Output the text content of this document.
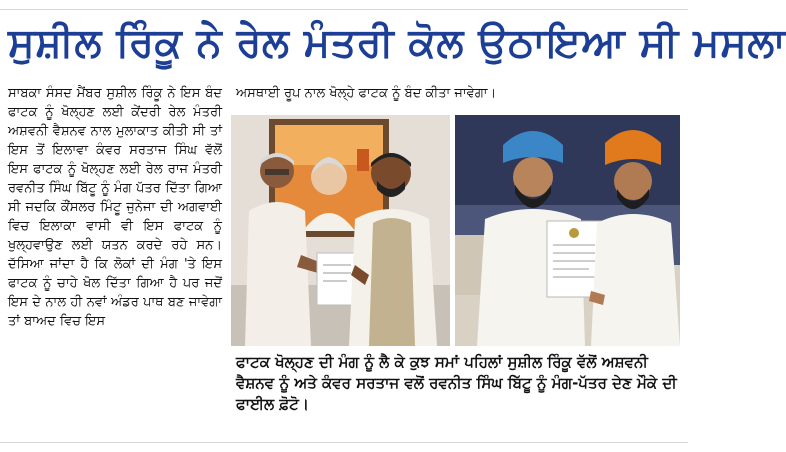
ਸੁਸ਼ੀਲ ਰਿੰਕੂ ਨੇ ਰੇਲ ਮੰਤਰੀ ਕੋਲ ਉਠਾਇਆ ਸੀ ਮਸਲਾ
ਸਾਬਕਾ ਸੰਸਦ ਮੈਂਬਰ ਸੁਸ਼ੀਲ ਰਿੰਕੂ ਨੇ ਇਸ ਬੰਦ ਫਾਟਕ ਨੂੰ ਖੋਲ੍ਹਣ ਲਈ ਕੇਂਦਰੀ ਰੇਲ ਮੰਤਰੀ ਅਸ਼ਵਨੀ ਵੈਸ਼ਨਵ ਨਾਲ ਮੁਲਾਕਾਤ ਕੀਤੀ ਸੀ ਤਾਂ ਇਸ ਤੋਂ ਇਲਾਵਾ ਕੰਵਰ ਸਰਤਾਜ ਸਿੰਘ ਵੱਲੋਂ ਇਸ ਫਾਟਕ ਨੂੰ ਖੋਲ੍ਹਣ ਲਈ ਰੇਲ ਰਾਜ ਮੰਤਰੀ ਰਵਨੀਤ ਸਿੰਘ ਬਿੱਟੂ ਨੂੰ ਮੰਗ ਪੱਤਰ ਦਿੱਤਾ ਗਿਆ ਸੀ ਜਦਕਿ ਕੌਂਸਲਰ ਮਿੰਟੂ ਜੁਨੇਜਾ ਦੀ ਅਗਵਾਈ ਵਿਚ ਇਲਾਕਾ ਵਾਸੀ ਵੀ ਇਸ ਫਾਟਕ ਨੂੰ ਖੁਲ੍ਹਵਾਉਣ ਲਈ ਯਤਨ ਕਰਦੇ ਰਹੇ ਸਨ। ਦੱਸਿਆ ਜਾਂਦਾ ਹੈ ਕਿ ਲੋਕਾਂ ਦੀ ਮੰਗ 'ਤੇ ਇਸ ਫਾਟਕ ਨੂੰ ਚਾਹੇ ਖੋਲ ਦਿੱਤਾ ਗਿਆ ਹੈ ਪਰ ਜਦੋਂ ਇਸ ਦੇ ਨਾਲ ਹੀ ਨਵਾਂ ਅੰਡਰ ਪਾਥ ਬਣ ਜਾਵੇਗਾ ਤਾਂ ਬਾਅਦ ਵਿਚ ਇਸ
ਅਸਥਾਈ ਰੂਪ ਨਾਲ ਖੋਲ੍ਹੇ ਫਾਟਕ ਨੂੰ ਬੰਦ ਕੀਤਾ ਜਾਵੇਗਾ।
ਫਾਟਕ ਖੋਲ੍ਹਣ ਦੀ ਮੰਗ ਨੂੰ ਲੈ ਕੇ ਕੁਝ ਸਮਾਂ ਪਹਿਲਾਂ ਸੁਸ਼ੀਲ ਰਿੰਕੂ ਵੱਲੋਂ ਅਸ਼ਵਨੀ ਵੈਸ਼ਨਵ ਨੂੰ ਅਤੇ ਕੰਵਰ ਸਰਤਾਜ ਵਲੋਂ ਰਵਨੀਤ ਸਿੰਘ ਬਿੱਟੂ ਨੂੰ ਮੰਗ-ਪੱਤਰ ਦੇਣ ਮੌਕੇ ਦੀ ਫਾਈਲ ਫ਼ੋਟੋ।
